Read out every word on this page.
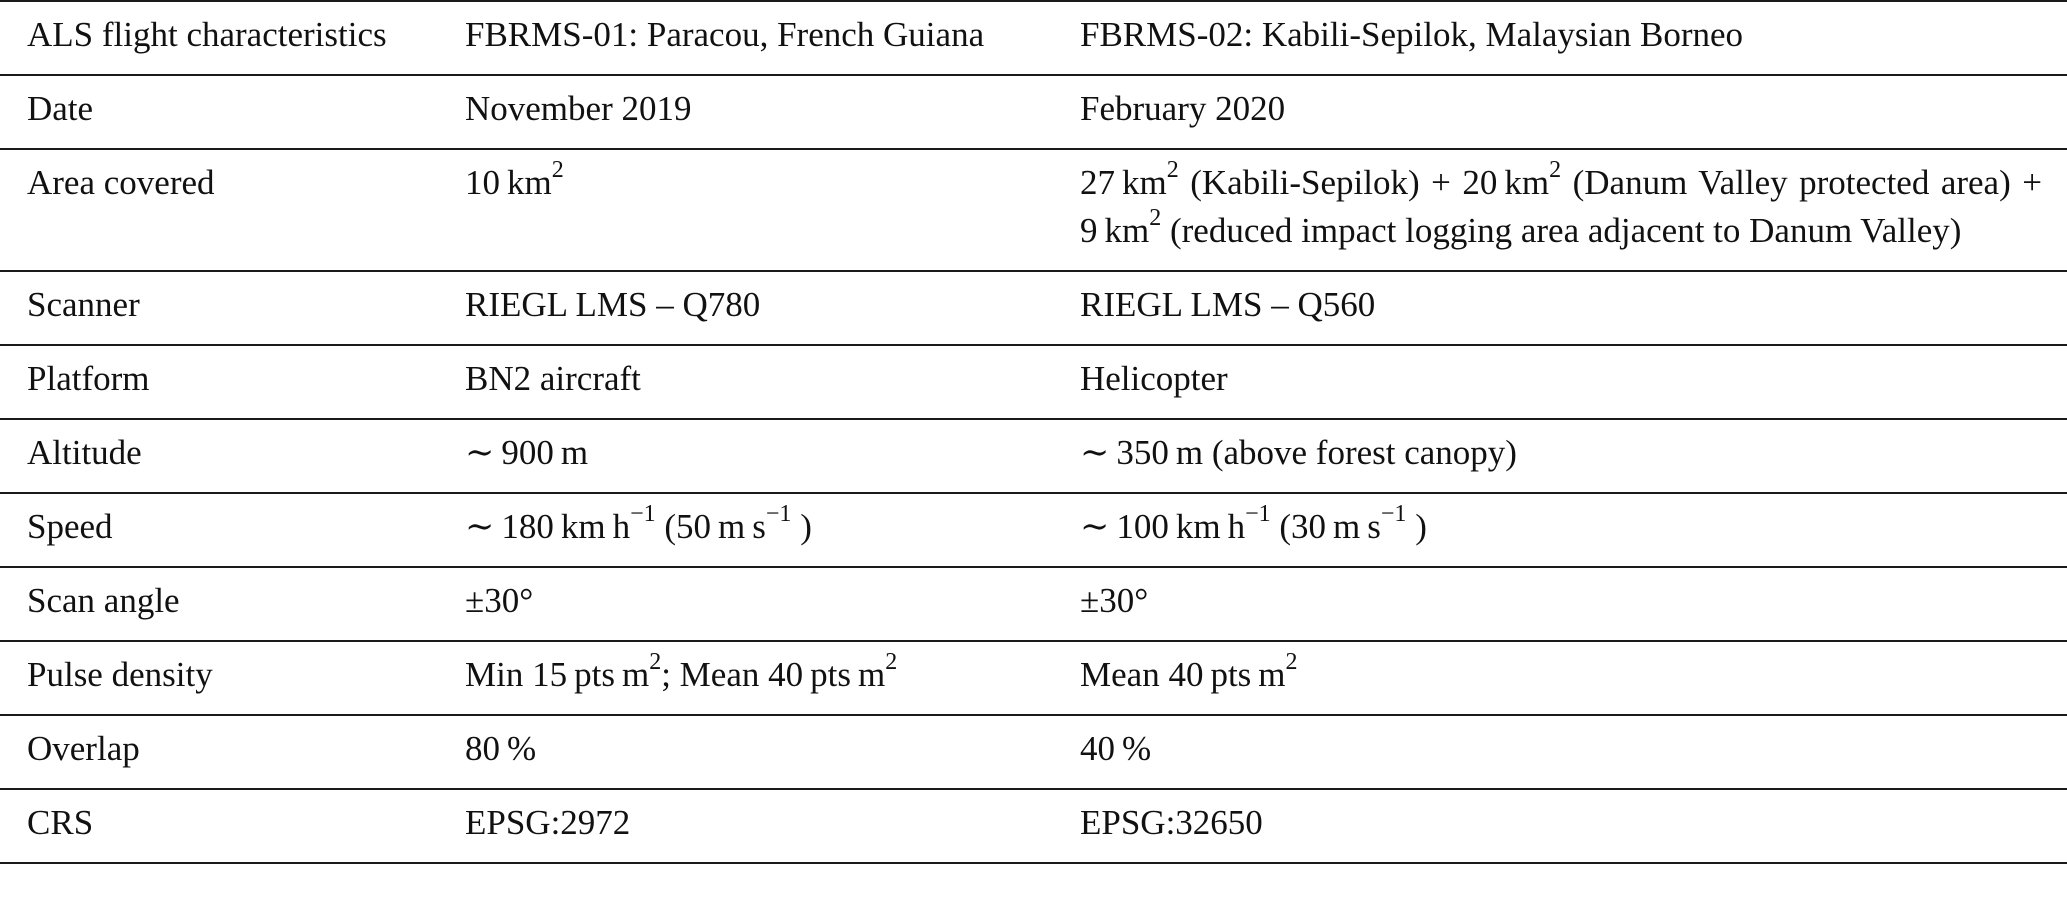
ALS flight characteristics	FBRMS-01: Paracou, French Guiana	FBRMS-02: Kabili-Sepilok, Malaysian Borneo
Date	November 2019	February 2020
Area covered	10 $km^2$	27 $km^2$ (Kabili-Sepilok) + 20 $km^2$ (Danum Valley protected area) + 9 $km^2$ (reduced impact logging area adjacent to Danum Valley)
Scanner	RIEGL LMS – Q780	RIEGL LMS – Q560
Platform	BN2 aircraft	Helicopter
Altitude	∼ 900 m	∼ 350 m (above forest canopy)
Speed	∼ 180 km $h^{-1}$ (50 m $s^{-1}$ )	∼ 100 km $h^{-1}$ (30 m $s^{-1}$ )
Scan angle	±30°	±30°
Pulse density	Min 15 pts $m^2$; Mean 40 pts $m^2$	Mean 40 pts $m^2$
Overlap	80 %	40 %
CRS	EPSG:2972	EPSG:32650
